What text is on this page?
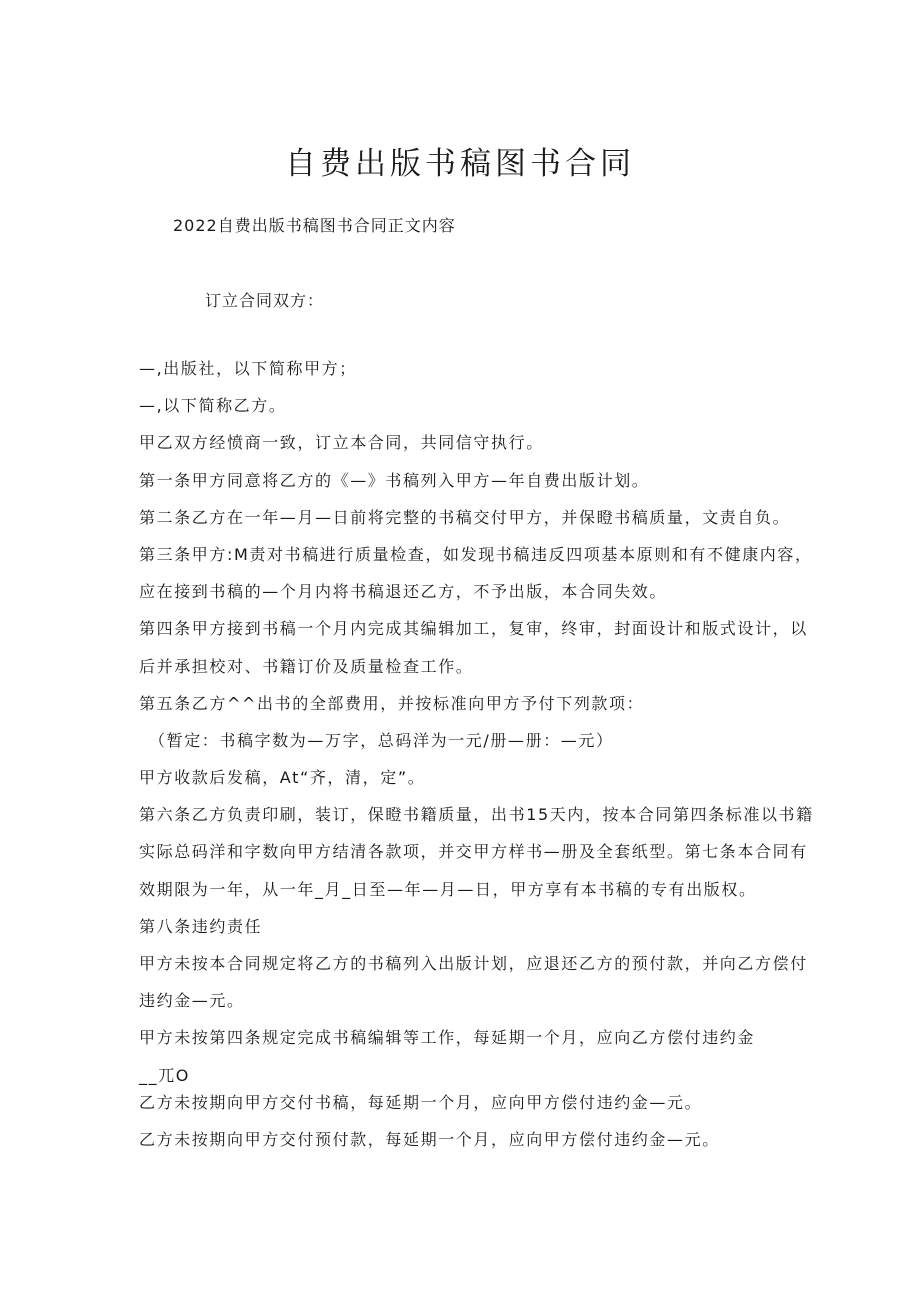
自费出版书稿图书合同
2022自费出版书稿图书合同正文内容
订立合同双方：
—,出版社，以下简称甲方；
—,以下简称乙方。
甲乙双方经愤商一致，订立本合同，共同信守执行。
第一条甲方同意将乙方的《—》书稿列入甲方—年自费出版计划。
第二条乙方在一年—月—日前将完整的书稿交付甲方，并保瞪书稿质量，文责自负。
第三条甲方:M责对书稿进行质量检查，如发现书稿违反四项基本原则和有不健康内容，
应在接到书稿的—个月内将书稿退还乙方，不予出版，本合同失效。
第四条甲方接到书稿一个月内完成其编辑加工，复审，终审，封面设计和版式设计，以
后并承担校对、书籍订价及质量检查工作。
第五条乙方^^出书的全部费用，并按标准向甲方予付下列款项：
（暂定：书稿字数为—万字，总码洋为一元/册—册：—元）
甲方收款后发稿，At“齐，清，定”。
第六条乙方负责印刷，装订，保瞪书籍质量，出书15天内，按本合同第四条标准以书籍
实际总码洋和字数向甲方结清各款项，并交甲方样书—册及全套纸型。第七条本合同有
效期限为一年，从一年_月_日至—年—月—日，甲方享有本书稿的专有出版权。
第八条违约责任
甲方未按本合同规定将乙方的书稿列入出版计划，应退还乙方的预付款，并向乙方偿付
违约金—元。
甲方未按第四条规定完成书稿编辑等工作，每延期一个月，应向乙方偿付违约金
__兀O
乙方未按期向甲方交付书稿，每延期一个月，应向甲方偿付违约金—元。
乙方未按期向甲方交付预付款，每延期一个月，应向甲方偿付违约金—元。
